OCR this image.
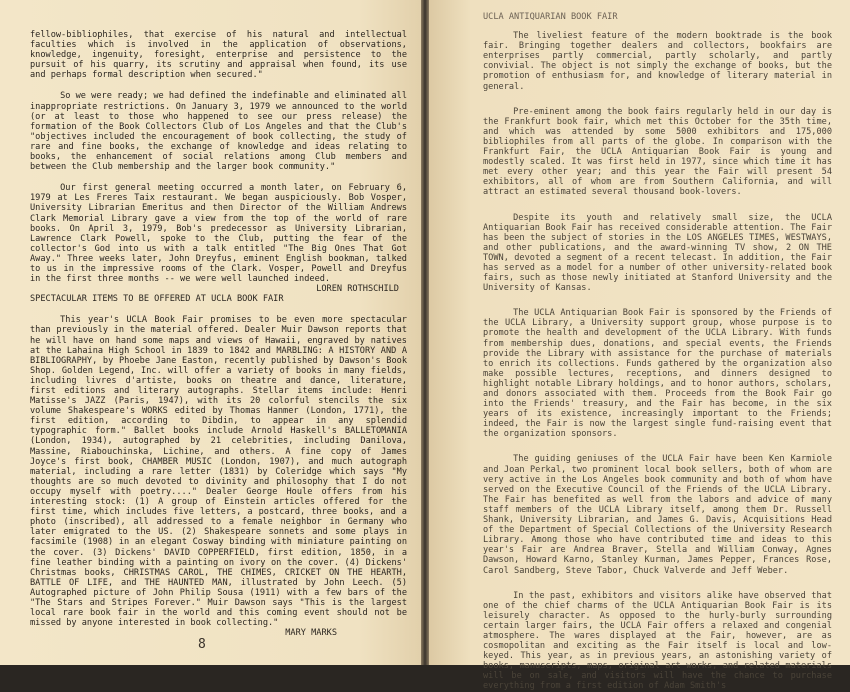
fellow-bibliophiles, that exercise of his natural and intellectual faculties which is involved in the application of observations, knowledge, ingenuity, foresight, enterprise and persistence to the pursuit of his quarry, its scrutiny and appraisal when found, its use and perhaps formal description when secured."

So we were ready; we had defined the indefinable and eliminated all inappropriate restrictions. On January 3, 1979 we announced to the world (or at least to those who happened to see our press release) the formation of the Book Collectors Club of Los Angeles and that the Club's "objectives included the encouragement of book collecting, the study of rare and fine books, the exchange of knowledge and ideas relating to books, the enhancement of social relations among Club members and between the Club membership and the larger book community."

Our first general meeting occurred a month later, on February 6, 1979 at Les Freres Taix restaurant. We began auspiciously. Bob Vosper, University Librarian Emeritus and then Director of the William Andrews Clark Memorial Library gave a view from the top of the world of rare books. On April 3, 1979, Bob's predecessor as University Librarian, Lawrence Clark Powell, spoke to the Club, putting the fear of the collector's God into us with a talk entitled "The Big Ones That Got Away." Three weeks later, John Dreyfus, eminent English bookman, talked to us in the impressive rooms of the Clark. Vosper, Powell and Dreyfus in the first three months -- we were well launched indeed.

LOREN ROTHSCHILD
SPECTACULAR ITEMS TO BE OFFERED AT UCLA BOOK FAIR

This year's UCLA Book Fair promises to be even more spectacular than previously in the material offered. Dealer Muir Dawson reports that he will have on hand some maps and views of Hawaii, engraved by natives at the Lahaina High School in 1839 to 1842 and MARBLING: A HISTORY AND A BIBLIOGRAPHY, by Phoebe Jane Easton, recently published by Dawson's Book Shop. Golden Legend, Inc. will offer a variety of books in many fields, including livres d'artiste, books on theatre and dance, literature, first editions and literary autographs. Stellar items include: Henri Matisse's JAZZ (Paris, 1947), with its 20 colorful stencils the six volume Shakespeare's WORKS edited by Thomas Hanmer (London, 1771), the first edition, according to Dibdin, to appear in any splendid typographic form." Ballet books include Arnold Haskell's BALLETOMANIA (London, 1934), autographed by 21 celebrities, including Danilova, Massine, Riabouchinska, Lichine, and others. A fine copy of James Joyce's first book, CHAMBER MUSIC (London, 1907), and much autograph material, including a rare letter (1831) by Coleridge which says "My thoughts are so much devoted to divinity and philosophy that I do not occupy myself with poetry...." Dealer George Houle offers from his interesting stock: (1) A group of Einstein articles offered for the first time, which includes five letters, a postcard, three books, and a photo (inscribed), all addressed to a female neighbor in Germany who later emigrated to the US. (2) Shakespeare sonnets and some plays in facsimile (1908) in an elegant Cosway binding with miniature painting on the cover. (3) Dickens' DAVID COPPERFIELD, first edition, 1850, in a fine leather binding with a painting on ivory on the cover. (4) Dickens' Christmas books, CHRISTMAS CAROL, THE CHIMES, CRICKET ON THE HEARTH, BATTLE OF LIFE, and THE HAUNTED MAN, illustrated by John Leech. (5) Autographed picture of John Philip Sousa (1911) with a few bars of the "The Stars and Stripes Forever." Muir Dawson says "This is the largest local rare book fair in the world and this coming event should not be missed by anyone interested in book collecting."

MARY MARKS
8
UCLA ANTIQUARIAN BOOK FAIR

The liveliest feature of the modern booktrade is the book fair. Bringing together dealers and collectors, bookfairs are enterprises partly commercial, partly scholarly, and partly convivial. The object is not simply the exchange of books, but the promotion of enthusiasm for, and knowledge of literary material in general.

Pre-eminent among the book fairs regularly held in our day is the Frankfurt book fair, which met this October for the 35th time, and which was attended by some 5000 exhibitors and 175,000 bibliophiles from all parts of the globe. In comparison with the Frankfurt Fair, the UCLA Antiquarian Book Fair is young and modestly scaled. It was first held in 1977, since which time it has met every other year; and this year the Fair will present 54 exhibitors, all of whom are from Southern California, and will attract an estimated several thousand book-lovers.

Despite its youth and relatively small size, the UCLA Antiquarian Book Fair has received considerable attention. The Fair has been the subject of stories in the LOS ANGELES TIMES, WESTWAYS, and other publications, and the award-winning TV show, 2 ON THE TOWN, devoted a segment of a recent telecast. In addition, the Fair has served as a model for a number of other university-related book fairs, such as those newly initiated at Stanford University and the University of Kansas.

The UCLA Antiquarian Book Fair is sponsored by the Friends of the UCLA Library, a University support group, whose purpose is to promote the health and development of the UCLA Library. With funds from membership dues, donations, and special events, the Friends provide the Library with assistance for the purchase of materials to enrich its collections. Funds gathered by the organization also make possible lectures, receptions, and dinners designed to highlight notable Library holdings, and to honor authors, scholars, and donors associated with them. Proceeds from the Book Fair go into the Friends' treasury, and the Fair has become, in the six years of its existence, increasingly important to the Friends; indeed, the Fair is now the largest single fund-raising event that the organization sponsors.

The guiding geniuses of the UCLA Fair have been Ken Karmiole and Joan Perkal, two prominent local book sellers, both of whom are very active in the Los Angeles book community and both of whom have served on the Executive Council of the Friends of the UCLA Library. The Fair has benefited as well from the labors and advice of many staff members of the UCLA Library itself, among them Dr. Russell Shank, University Librarian, and James G. Davis, Acquisitions Head of the Department of Special Collections of the University Research Library. Among those who have contributed time and ideas to this year's Fair are Andrea Braver, Stella and William Conway, Agnes Dawson, Howard Karno, Stanley Kurman, James Pepper, Frances Rose, Carol Sandberg, Steve Tabor, Chuck Valverde and Jeff Weber.

In the past, exhibitors and visitors alike have observed that one of the chief charms of the UCLA Antiquarian Book Fair is its leisurely character. As opposed to the hurly-burly surrounding certain larger fairs, the UCLA Fair offers a relaxed and congenial atmosphere. The wares displayed at the Fair, however, are as cosmopolitan and exciting as the Fair itself is local and low-keyed. This year, as in previous years, an astonishing variety of books, manuscripts, maps, original art works, and related materials will be on sale, and visitors will have the chance to purchase everything from a first edition of Adam Smith's
